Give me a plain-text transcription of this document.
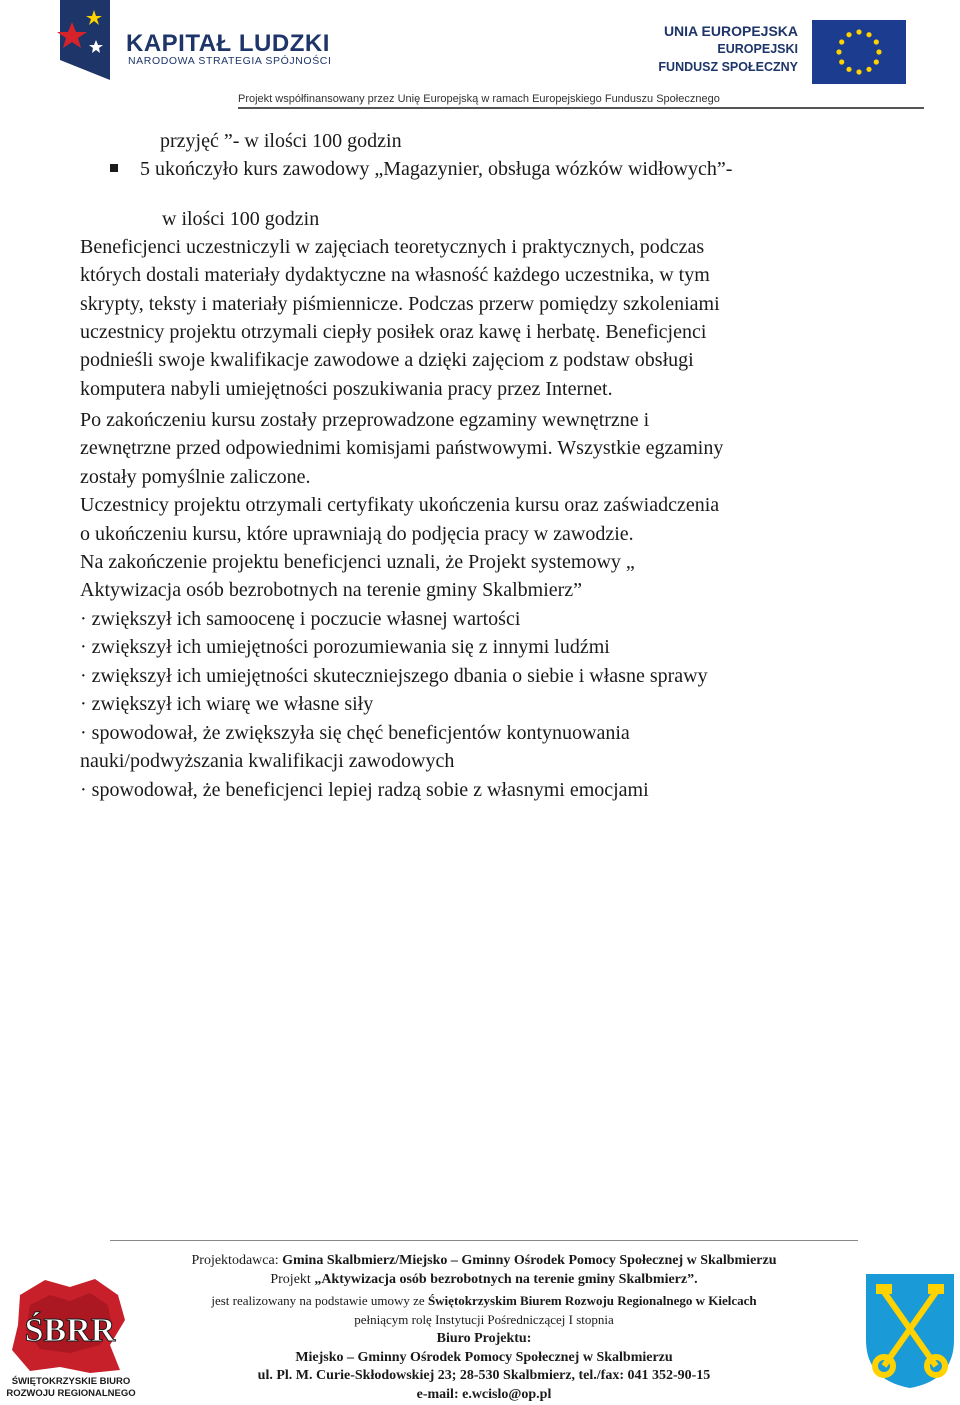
KAPITAŁ LUDZKI
NARODOWA STRATEGIA SPÓJNOŚCI
UNIA EUROPEJSKA
EUROPEJSKI
FUNDUSZ SPOŁECZNY
Projekt współfinansowany przez Unię Europejską w ramach Europejskiego Funduszu Społecznego
przyjęć ”- w ilości 100 godzin
5 ukończyło kurs zawodowy „Magazynier, obsługa wózków widłowych”-
w ilości 100 godzin
Beneficjenci uczestniczyli w zajęciach teoretycznych i praktycznych, podczas
których dostali materiały dydaktyczne na własność każdego uczestnika, w tym
skrypty, teksty i materiały piśmiennicze. Podczas przerw pomiędzy szkoleniami
uczestnicy projektu otrzymali ciepły posiłek oraz kawę i herbatę. Beneficjenci
podnieśli swoje kwalifikacje zawodowe a dzięki zajęciom z podstaw obsługi
komputera nabyli umiejętności poszukiwania pracy przez Internet.
Po zakończeniu kursu zostały przeprowadzone egzaminy wewnętrzne i
zewnętrzne przed odpowiednimi komisjami państwowymi. Wszystkie egzaminy
zostały pomyślnie zaliczone.
Uczestnicy projektu otrzymali certyfikaty ukończenia kursu oraz zaświadczenia
o ukończeniu kursu, które uprawniają do podjęcia pracy w zawodzie.
Na zakończenie projektu beneficjenci uznali, że Projekt systemowy „
Aktywizacja osób bezrobotnych na terenie gminy Skalbmierz”
· zwiększył ich samoocenę i poczucie własnej wartości
· zwiększył ich umiejętności porozumiewania się z innymi ludźmi
· zwiększył ich umiejętności skuteczniejszego dbania o siebie i własne sprawy
· zwiększył ich wiarę we własne siły
· spowodował, że zwiększyła się chęć beneficjentów kontynuowania
nauki/podwyższania kwalifikacji zawodowych
· spowodował, że beneficjenci lepiej radzą sobie z własnymi emocjami
Projektodawca: Gmina Skalbmierz/Miejsko – Gminny Ośrodek Pomocy Społecznej w Skalbmierzu
Projekt „Aktywizacja osób bezrobotnych na terenie gminy Skalbmierz”.
jest realizowany na podstawie umowy ze Świętokrzyskim Biurem Rozwoju Regionalnego w Kielcach
pełniącym rolę Instytucji Pośredniczącej I stopnia
Biuro Projektu:
Miejsko – Gminny Ośrodek Pomocy Społecznej w Skalbmierzu
ul. Pl. M. Curie-Skłodowskiej 23; 28-530 Skalbmierz, tel./fax: 041 352-90-15
e-mail: e.wcislo@op.pl
ŚBRR
ŚWIĘTOKRZYSKIE BIURO
ROZWOJU REGIONALNEGO
